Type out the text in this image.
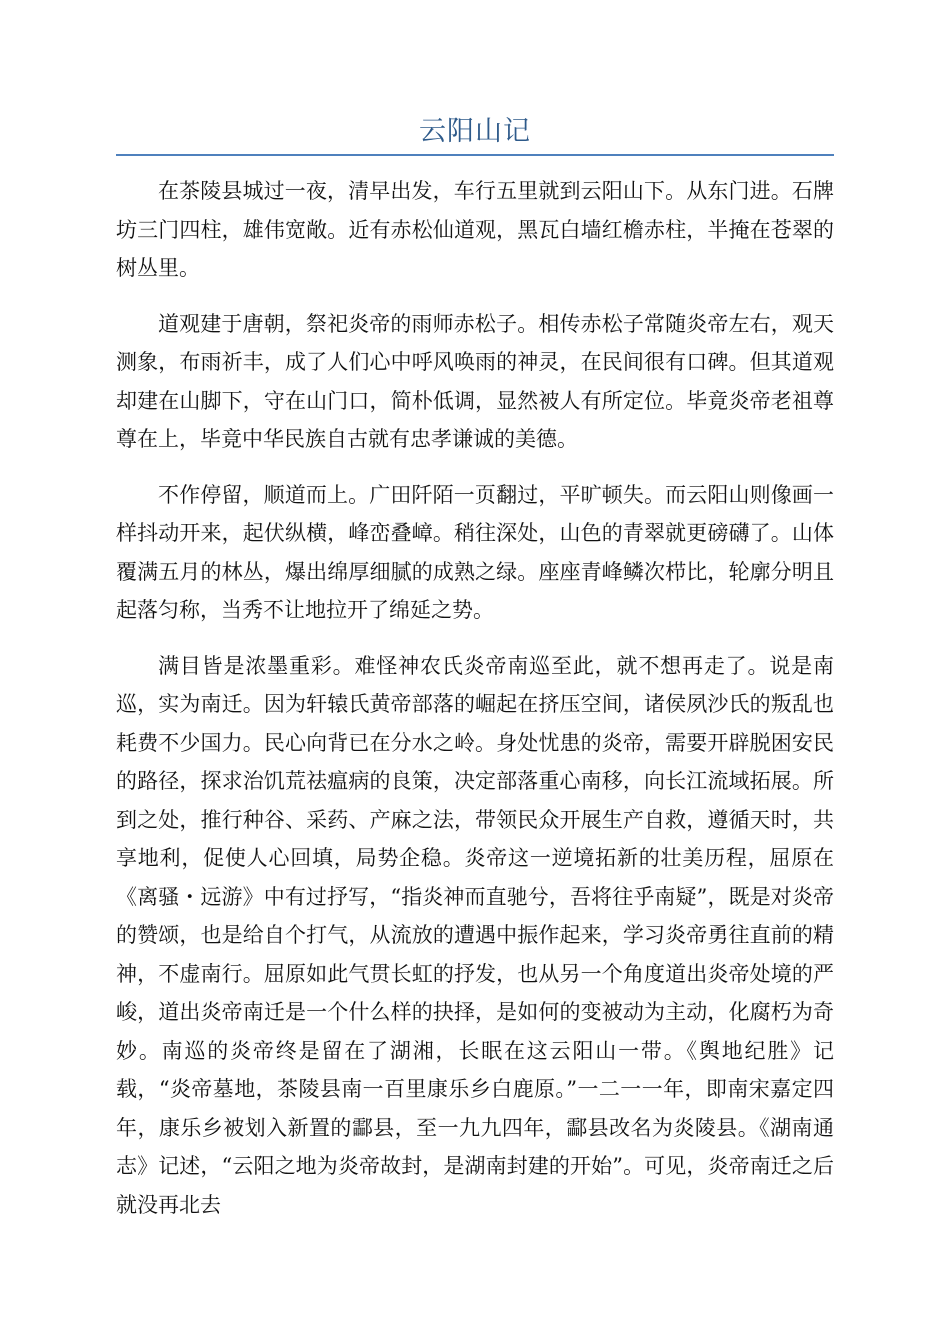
云阳山记

在茶陵县城过一夜，清早出发，车行五里就到云阳山下。从东门进。石牌坊三门四柱，雄伟宽敞。近有赤松仙道观，黑瓦白墙红檐赤柱，半掩在苍翠的树丛里。

道观建于唐朝，祭祀炎帝的雨师赤松子。相传赤松子常随炎帝左右，观天测象，布雨祈丰，成了人们心中呼风唤雨的神灵，在民间很有口碑。但其道观却建在山脚下，守在山门口，简朴低调，显然被人有所定位。毕竟炎帝老祖尊尊在上，毕竟中华民族自古就有忠孝谦诚的美德。

不作停留，顺道而上。广田阡陌一页翻过，平旷顿失。而云阳山则像画一样抖动开来，起伏纵横，峰峦叠嶂。稍往深处，山色的青翠就更磅礴了。山体覆满五月的林丛，爆出绵厚细腻的成熟之绿。座座青峰鳞次栉比，轮廓分明且起落匀称，当秀不让地拉开了绵延之势。

满目皆是浓墨重彩。难怪神农氏炎帝南巡至此，就不想再走了。说是南巡，实为南迁。因为轩辕氏黄帝部落的崛起在挤压空间，诸侯夙沙氏的叛乱也耗费不少国力。民心向背已在分水之岭。身处忧患的炎帝，需要开辟脱困安民的路径，探求治饥荒祛瘟病的良策，决定部落重心南移，向长江流域拓展。所到之处，推行种谷、采药、产麻之法，带领民众开展生产自救，遵循天时，共享地利，促使人心回填，局势企稳。炎帝这一逆境拓新的壮美历程，屈原在《离骚・远游》中有过抒写，“指炎神而直驰兮，吾将往乎南疑”，既是对炎帝的赞颂，也是给自个打气，从流放的遭遇中振作起来，学习炎帝勇往直前的精神，不虚南行。屈原如此气贯长虹的抒发，也从另一个角度道出炎帝处境的严峻，道出炎帝南迁是一个什么样的抉择，是如何的变被动为主动，化腐朽为奇妙。南巡的炎帝终是留在了湖湘，长眠在这云阳山一带。《舆地纪胜》记载，“炎帝墓地，茶陵县南一百里康乐乡白鹿原。”一二一一年，即南宋嘉定四年，康乐乡被划入新置的酃县，至一九九四年，酃县改名为炎陵县。《湖南通志》记述，“云阳之地为炎帝故封，是湖南封建的开始”。可见，炎帝南迁之后就没再北去
